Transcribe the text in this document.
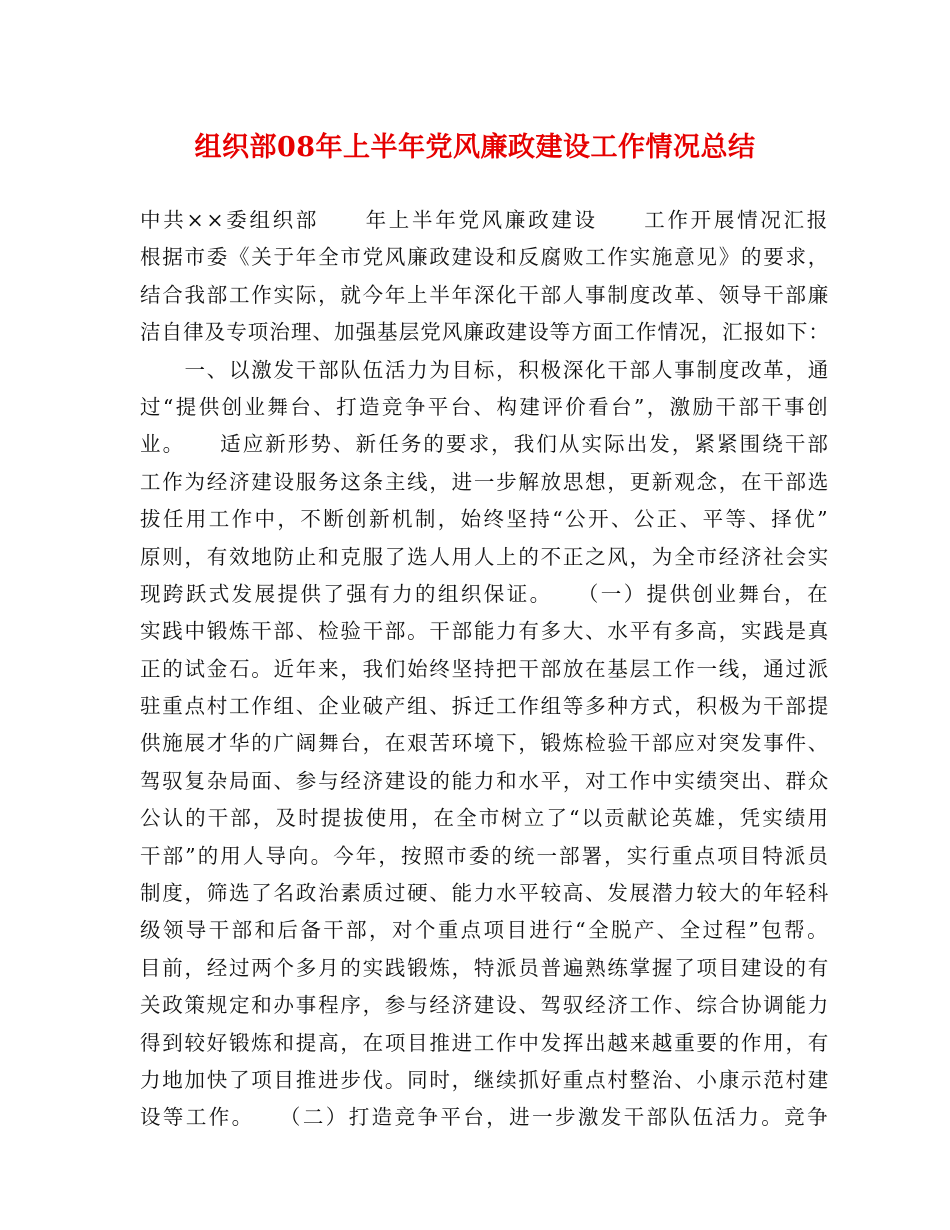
组织部08年上半年党风廉政建设工作情况总结
中共××委组织部　　年上半年党风廉政建设　　工作开展情况汇报
根据市委《关于年全市党风廉政建设和反腐败工作实施意见》的要求，
结合我部工作实际，就今年上半年深化干部人事制度改革、领导干部廉
洁自律及专项治理、加强基层党风廉政建设等方面工作情况，汇报如下：
　　一、以激发干部队伍活力为目标，积极深化干部人事制度改革，通
过“提供创业舞台、打造竞争平台、构建评价看台”，激励干部干事创
业。　　适应新形势、新任务的要求，我们从实际出发，紧紧围绕干部
工作为经济建设服务这条主线，进一步解放思想，更新观念，在干部选
拔任用工作中，不断创新机制，始终坚持“公开、公正、平等、择优”
原则，有效地防止和克服了选人用人上的不正之风，为全市经济社会实
现跨跃式发展提供了强有力的组织保证。　　（一）提供创业舞台，在
实践中锻炼干部、检验干部。干部能力有多大、水平有多高，实践是真
正的试金石。近年来，我们始终坚持把干部放在基层工作一线，通过派
驻重点村工作组、企业破产组、拆迁工作组等多种方式，积极为干部提
供施展才华的广阔舞台，在艰苦环境下，锻炼检验干部应对突发事件、
驾驭复杂局面、参与经济建设的能力和水平，对工作中实绩突出、群众
公认的干部，及时提拔使用，在全市树立了“以贡献论英雄，凭实绩用
干部”的用人导向。今年，按照市委的统一部署，实行重点项目特派员
制度，筛选了名政治素质过硬、能力水平较高、发展潜力较大的年轻科
级领导干部和后备干部，对个重点项目进行“全脱产、全过程”包帮。
目前，经过两个多月的实践锻炼，特派员普遍熟练掌握了项目建设的有
关政策规定和办事程序，参与经济建设、驾驭经济工作、综合协调能力
得到较好锻炼和提高，在项目推进工作中发挥出越来越重要的作用，有
力地加快了项目推进步伐。同时，继续抓好重点村整治、小康示范村建
设等工作。　　（二）打造竞争平台，进一步激发干部队伍活力。竞争
